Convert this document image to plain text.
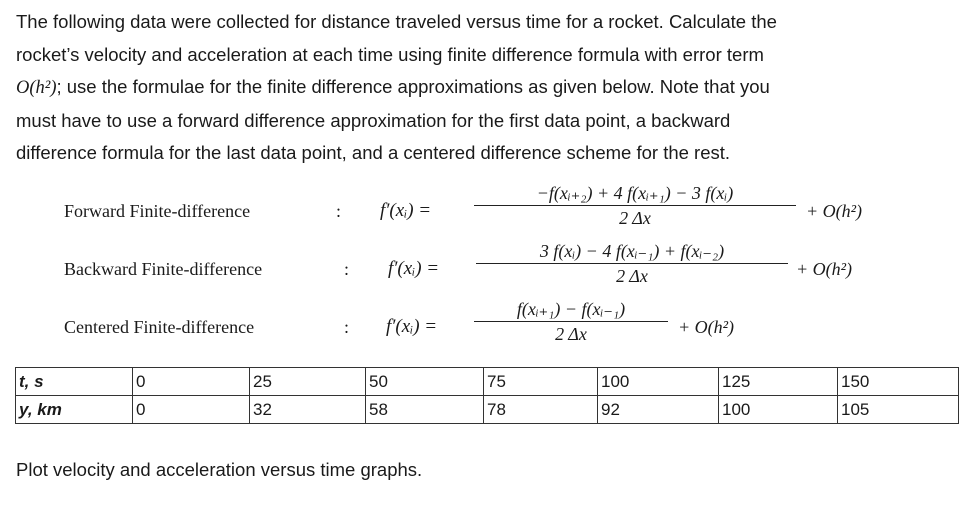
The following data were collected for distance traveled versus time for a rocket. Calculate the
rocket’s velocity and acceleration at each time using finite difference formula with error term
O(h²); use the formulae for the finite difference approximations as given below. Note that you
must have to use a forward difference approximation for the first data point, a backward
difference formula for the last data point, and a centered difference scheme for the rest.
Forward Finite-difference	: f′(xᵢ) =
−f(xᵢ₊₂) + 4 f(xᵢ₊₁) − 3 f(xᵢ)
2 Δx	+ O(h²)
Backward Finite-difference	: f′(xᵢ) =
3 f(xᵢ) − 4 f(xᵢ₋₁) + f(xᵢ₋₂)
2 Δx	+ O(h²)
Centered Finite-difference	: f′(xᵢ) =
f(xᵢ₊₁) − f(xᵢ₋₁)
2 Δx	+ O(h²)
t, s	0	25	50	75	100	125	150
y, km	0	32	58	78	92	100	105
Plot velocity and acceleration versus time graphs.
